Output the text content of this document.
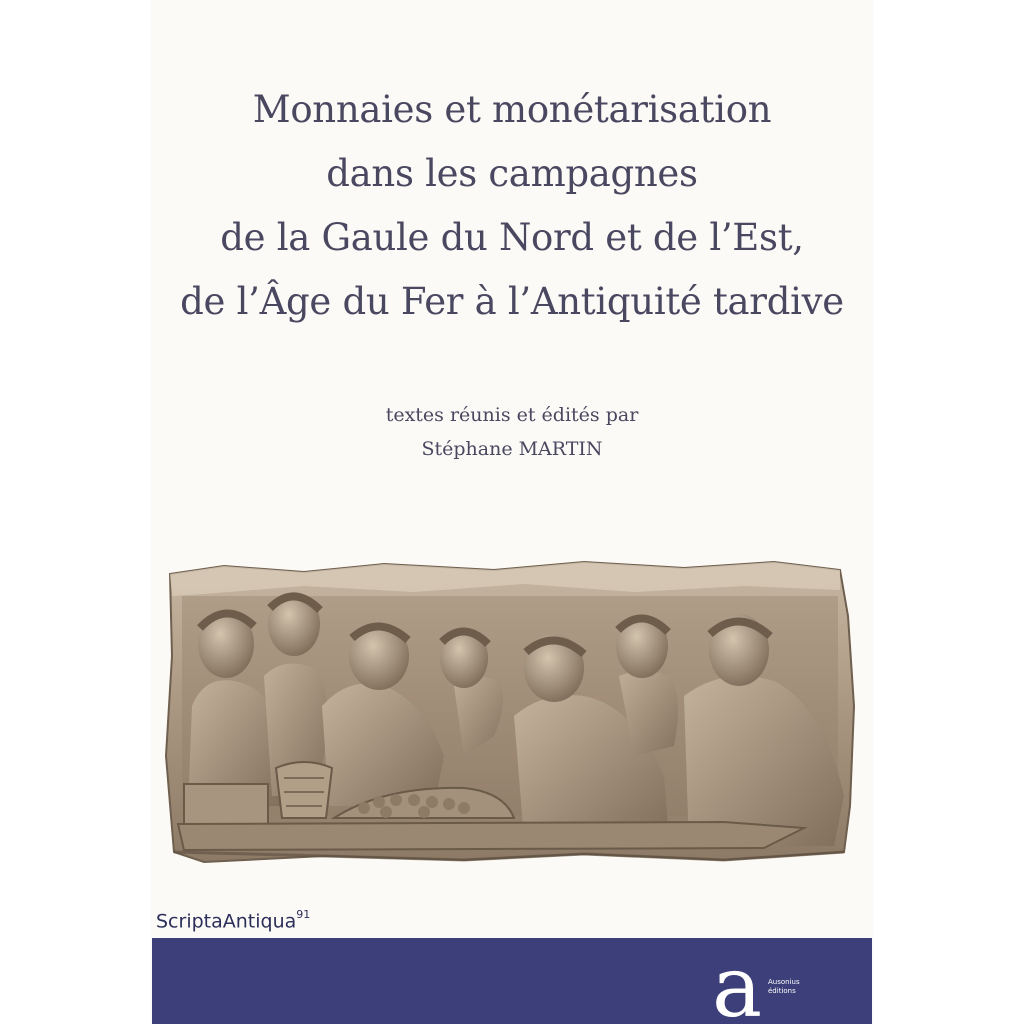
Monnaies et monétarisation
dans les campagnes
de la Gaule du Nord et de l’Est,
de l’Âge du Fer à l’Antiquité tardive
textes réunis et édités par
Stéphane MARTIN
ScriptaAntiqua$^{91}$
a Ausonius
éditions
